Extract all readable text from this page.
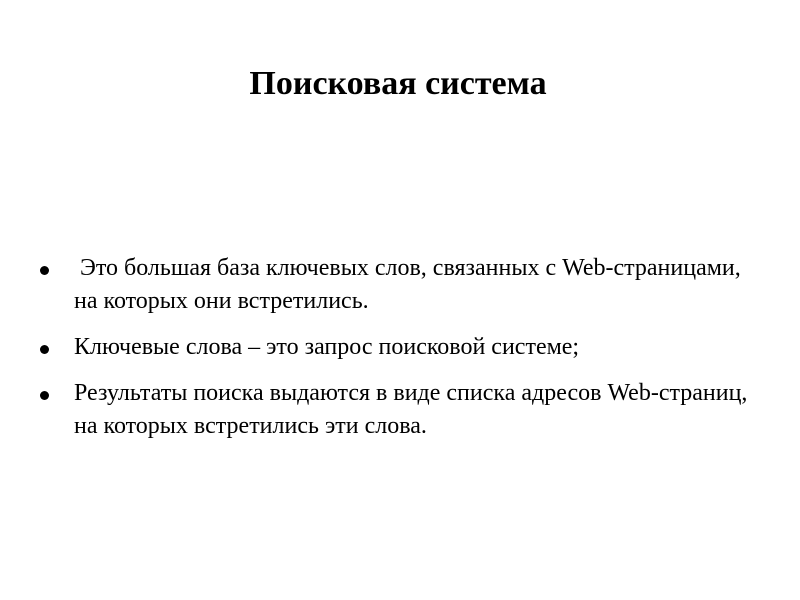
Поисковая система
Это большая база ключевых слов, связанных с Web-страницами, на которых они встретились.
Ключевые слова – это запрос поисковой системе;
Результаты поиска выдаются в виде списка адресов Web-страниц, на которых встретились эти слова.
